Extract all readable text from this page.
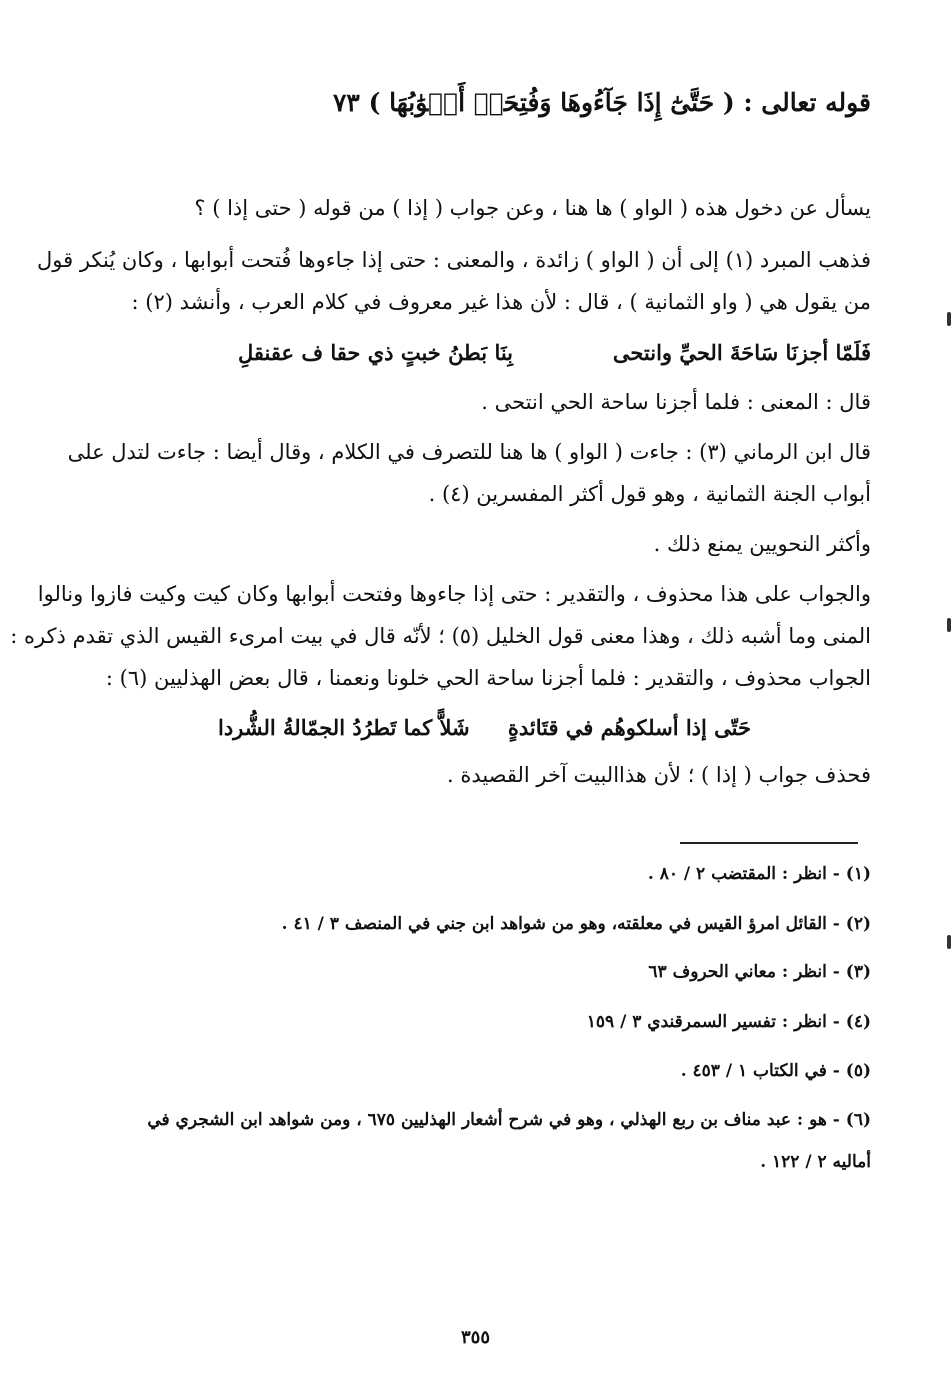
قوله تعالى : ( حَتَّىٰٓ إِذَا جَآءُوهَا وَفُتِحَتۡ أَبۡوَٰبُهَا ) ٧٣
يسأل عن دخول هذه ( الواو ) ها هنا ، وعن جواب ( إذا ) من قوله ( حتى إذا ) ؟
فذهب المبرد (١) إلى أن ( الواو ) زائدة ، والمعنى : حتى إذا جاءوها فُتحت أبوابها ، وكان يُنكر قول
من يقول هي ( واو الثمانية ) ، قال : لأن هذا غير معروف في كلام العرب ، وأنشد (٢) :
فَلَمّا أجزنَا سَاحَةَ الحيِّ وانتحى
بِنَا بَطنُ خبتٍ ذي حقا ف عقنقلِ
قال : المعنى : فلما أجزنا ساحة الحي انتحى .
قال ابن الرماني (٣) : جاءت ( الواو ) ها هنا للتصرف في الكلام ، وقال أيضا : جاءت لتدل على
أبواب الجنة الثمانية ، وهو قول أكثر المفسرين (٤) .
وأكثر النحويين يمنع ذلك .
والجواب على هذا محذوف ، والتقدير : حتى إذا جاءوها وفتحت أبوابها وكان كيت وكيت فازوا ونالوا
المنى وما أشبه ذلك ، وهذا معنى قول الخليل (٥) ؛ لأنّه قال في بيت امرىء القيس الذي تقدم ذكره :
الجواب محذوف ، والتقدير : فلما أجزنا ساحة الحي خلونا ونعمنا ، قال بعض الهذليين (٦) :
حَتّى إذا أسلكوهُم في قتَائدةٍ
شَلاًّ كما تَطرُدُ الجمّالةُ الشُّردا
فحذف جواب ( إذا ) ؛ لأن هذاالبيت آخر القصيدة .
(١) - انظر : المقتضب ٢ / ٨٠ .
(٢) - القائل امرؤ القيس في معلقته، وهو من شواهد ابن جني في المنصف ٣ / ٤١ .
(٣) - انظر : معاني الحروف ٦٣
(٤) - انظر : تفسير السمرقندي ٣ / ١٥٩
(٥) - في الكتاب ١ / ٤٥٣ .
(٦) - هو : عبد مناف بن ربع الهذلي ، وهو في شرح أشعار الهذليين ٦٧٥ ، ومن شواهد ابن الشجري في
أماليه ٢ / ١٢٢ .
٣٥٥
